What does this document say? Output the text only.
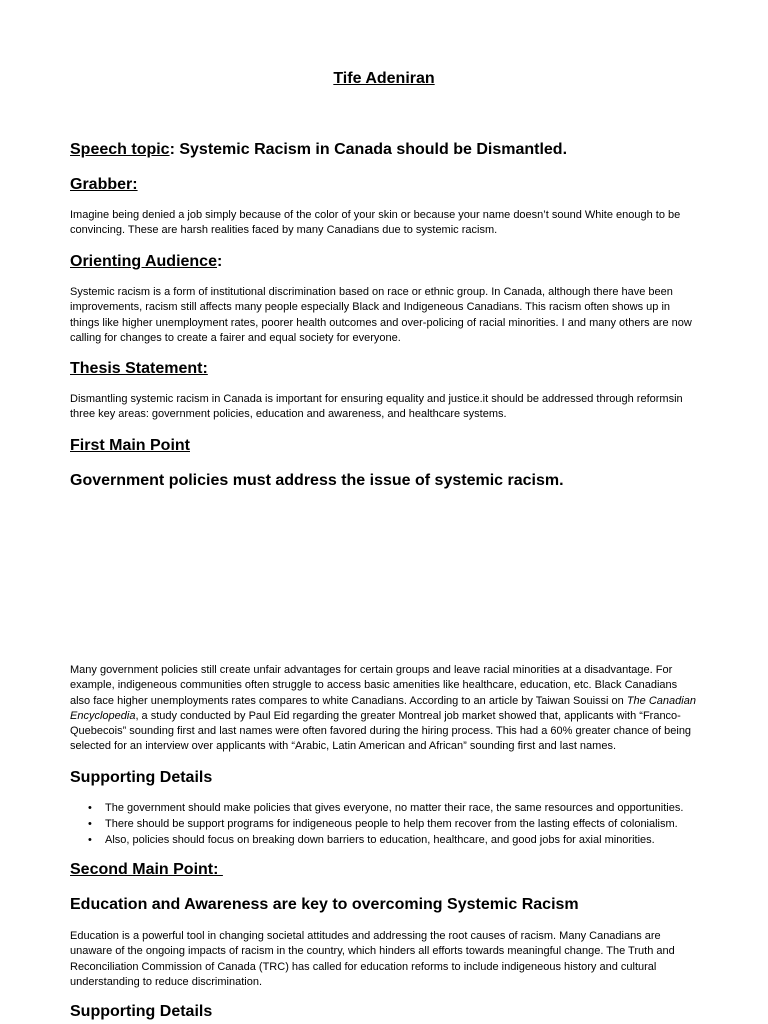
Tife Adeniran
Speech topic: Systemic Racism in Canada should be Dismantled.
Grabber:

Imagine being denied a job simply because of the color of your skin or because your name doesn’t sound White enough to be convincing. These are harsh realities faced by many Canadians due to systemic racism.

Orienting Audience:

Systemic racism is a form of institutional discrimination based on race or ethnic group. In Canada, although there have been improvements, racism still affects many people especially Black and Indigeneous Canadians. This racism often shows up in things like higher unemployment rates, poorer health outcomes and over-policing of racial minorities. I and many others are now calling for changes to create a fairer and equal society for everyone.

Thesis Statement:

Dismantling systemic racism in Canada is important for ensuring equality and justice.it should be addressed through reformsin three key areas: government policies, education and awareness, and healthcare systems.

First Main Point
Government policies must address the issue of systemic racism.

Many government policies still create unfair advantages for certain groups and leave racial minorities at a disadvantage. For example, indigeneous communities often struggle to access basic amenities like healthcare, education, etc. Black Canadians also face higher unemployments rates compares to white Canadians. According to an article by Taiwan Souissi on The Canadian Encyclopedia, a study conducted by Paul Eid regarding the greater Montreal job market showed that, applicants with “Franco-Quebecois” sounding first and last names were often favored during the hiring process. This had a 60% greater chance of being selected for an interview over applicants with “Arabic, Latin American and African” sounding first and last names.

Supporting Details
• The government should make policies that gives everyone, no matter their race, the same resources and opportunities.
• There should be support programs for indigeneous people to help them recover from the lasting effects of colonialism.
• Also, policies should focus on breaking down barriers to education, healthcare, and good jobs for axial minorities.
Second Main Point:
Education and Awareness are key to overcoming Systemic Racism

Education is a powerful tool in changing societal attitudes and addressing the root causes of racism. Many Canadians are unaware of the ongoing impacts of racism in the country, which hinders all efforts towards meaningful change. The Truth and Reconciliation Commission of Canada (TRC) has called for education reforms to include indigeneous history and cultural understanding to reduce discrimination.

Supporting Details
